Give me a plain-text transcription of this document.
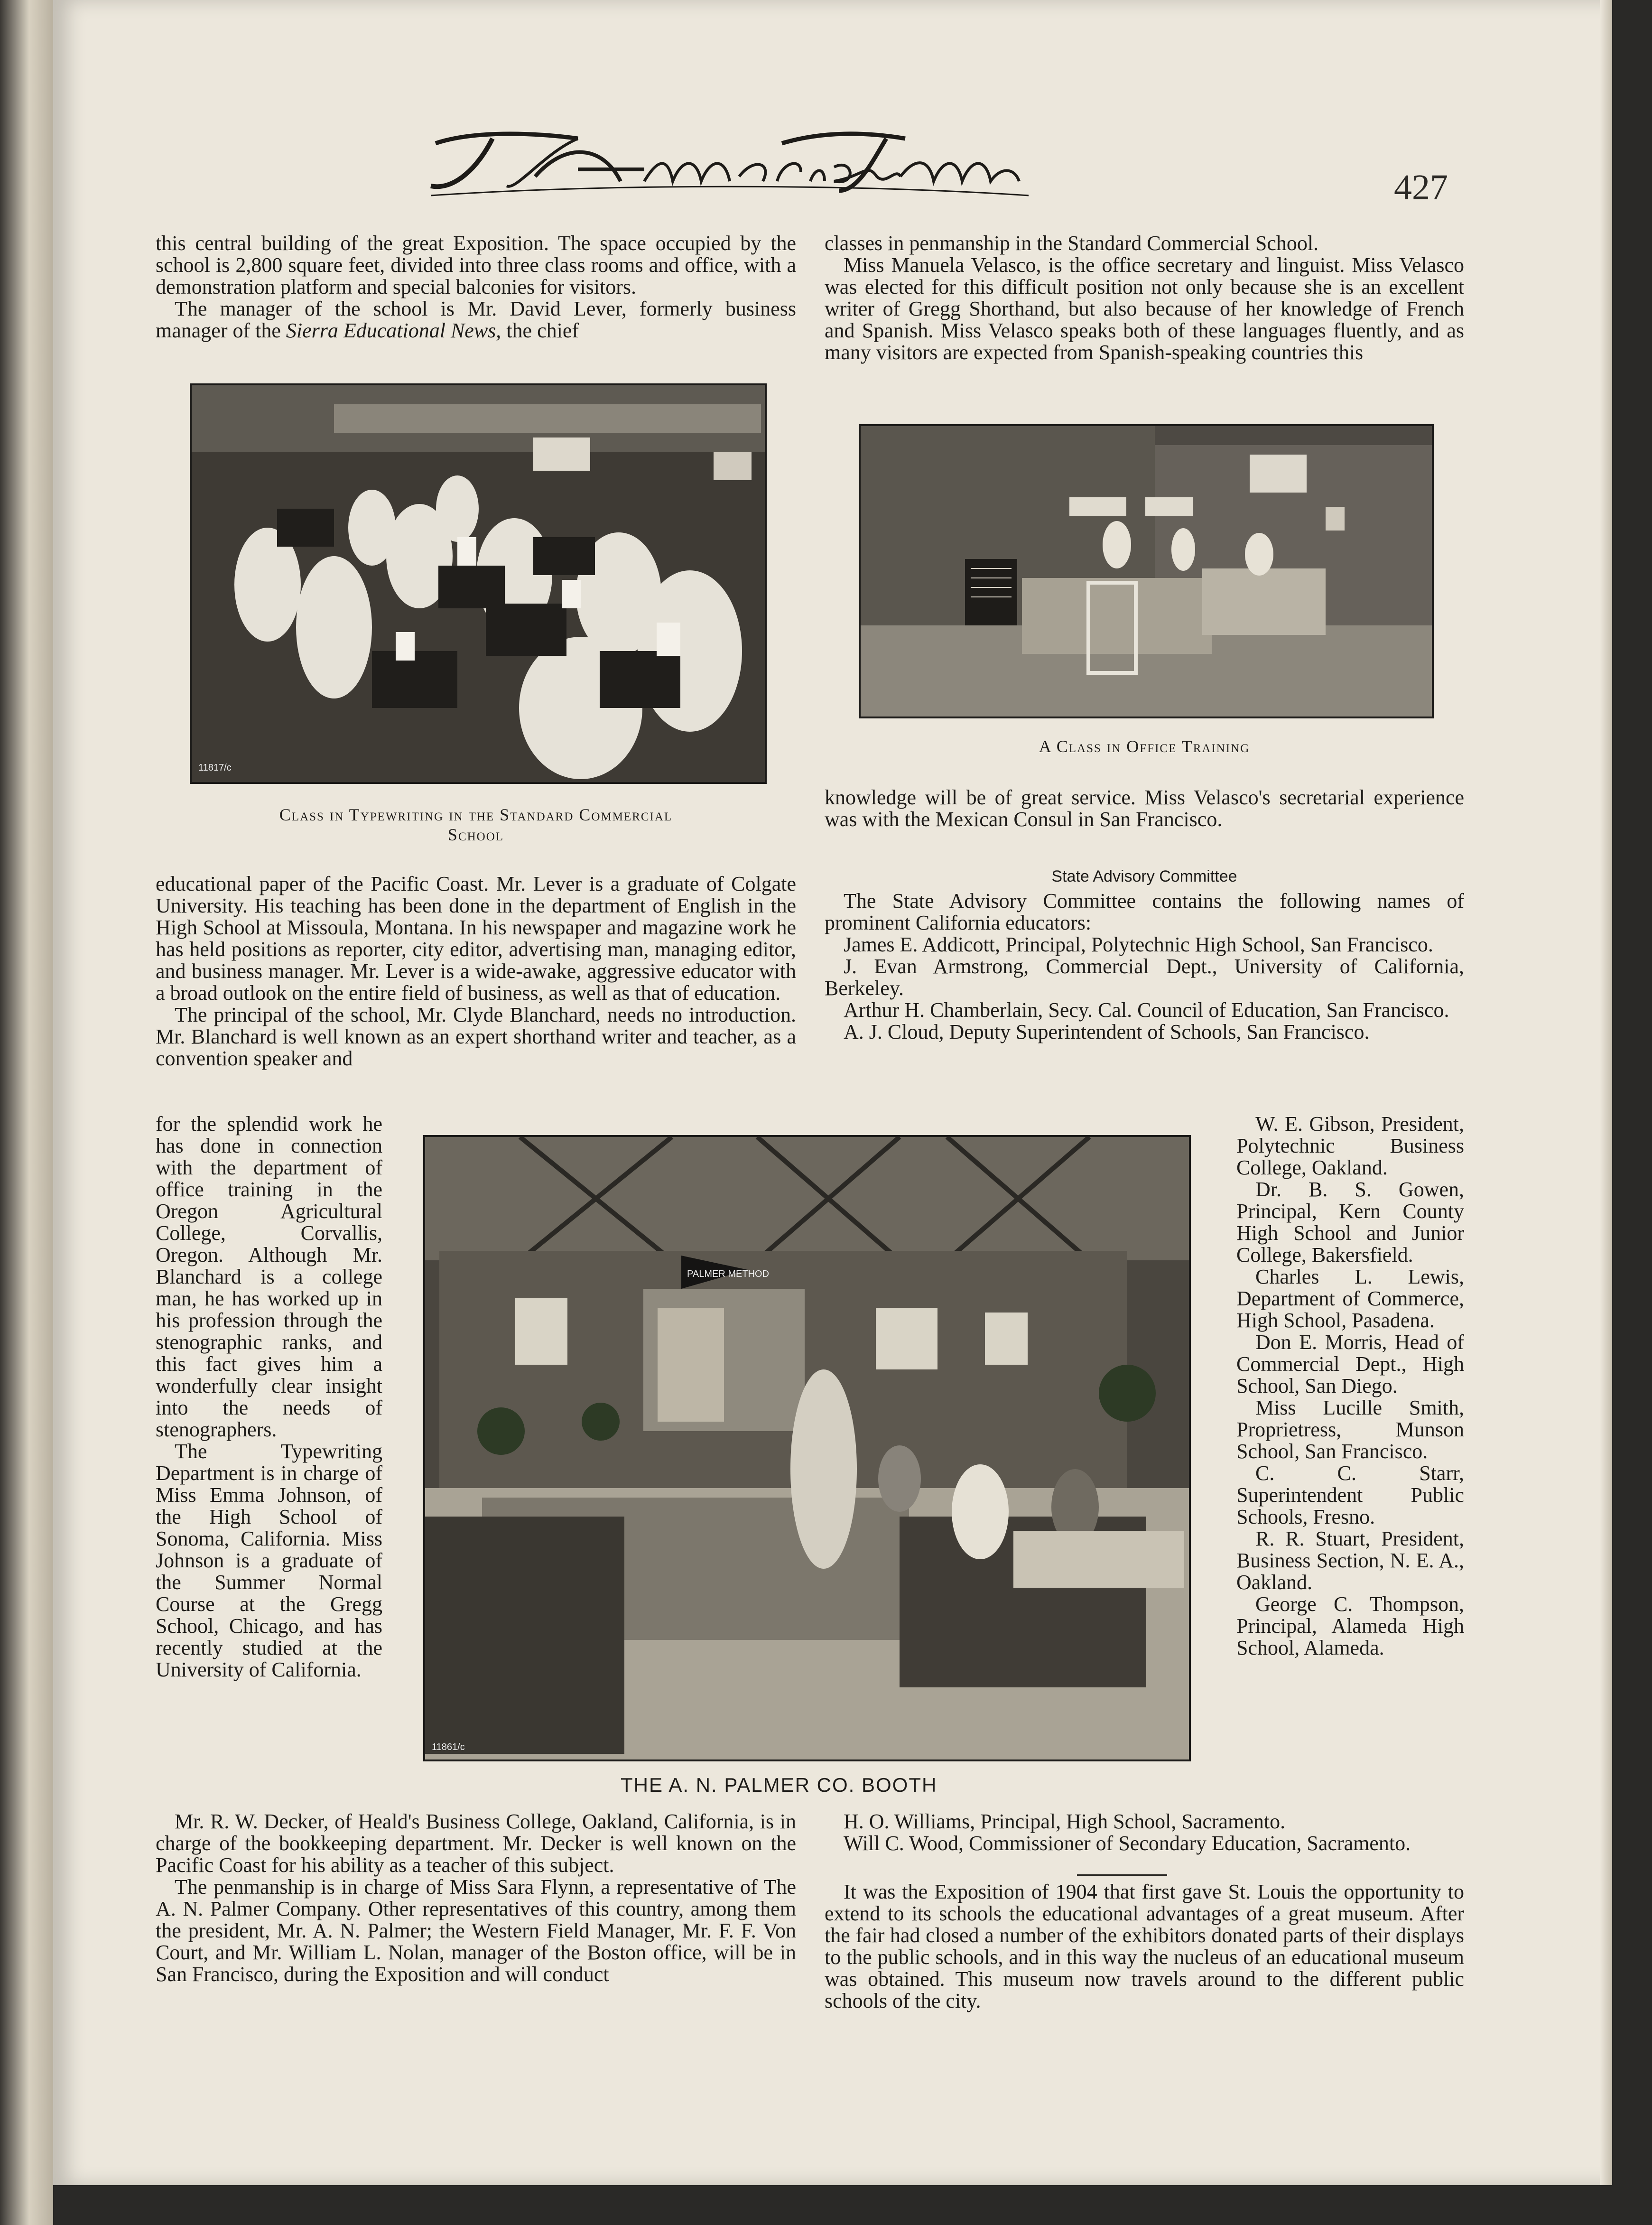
427

this central building of the great Exposition. The space occupied by the school is 2,800 square feet, divided into three class rooms and office, with a demonstration platform and special balconies for visitors.

The manager of the school is Mr. David Lever, formerly business manager of the Sierra Educational News, the chief

11817/c
Class in Typewriting in the Standard Commercial
School

educational paper of the Pacific Coast. Mr. Lever is a graduate of Colgate University. His teaching has been done in the department of English in the High School at Missoula, Montana. In his newspaper and magazine work he has held positions as reporter, city editor, advertising man, managing editor, and business manager. Mr. Lever is a wide-awake, aggressive educator with a broad outlook on the entire field of business, as well as that of education.

The principal of the school, Mr. Clyde Blanchard, needs no introduction. Mr. Blanchard is well known as an expert shorthand writer and teacher, as a convention speaker and

for the splendid work he has done in connection with the department of office training in the Oregon Agricultural College, Corvallis, Oregon. Although Mr. Blanchard is a college man, he has worked up in his profession through the stenographic ranks, and this fact gives him a wonderfully clear insight into the needs of stenographers.

The Typewriting Department is in charge of Miss Emma Johnson, of the High School of Sonoma, California. Miss Johnson is a graduate of the Summer Normal Course at the Gregg School, Chicago, and has recently studied at the University of California.

PALMER METHOD
11861/c
THE A. N. PALMER CO. BOOTH

Mr. R. W. Decker, of Heald's Business College, Oakland, California, is in charge of the bookkeeping department. Mr. Decker is well known on the Pacific Coast for his ability as a teacher of this subject.

The penmanship is in charge of Miss Sara Flynn, a representative of The A. N. Palmer Company. Other representatives of this country, among them the president, Mr. A. N. Palmer; the Western Field Manager, Mr. F. F. Von Court, and Mr. William L. Nolan, manager of the Boston office, will be in San Francisco, during the Exposition and will conduct

classes in penmanship in the Standard Commercial School.

Miss Manuela Velasco, is the office secretary and linguist. Miss Velasco was elected for this difficult position not only because she is an excellent writer of Gregg Shorthand, but also because of her knowledge of French and Spanish. Miss Velasco speaks both of these languages fluently, and as many visitors are expected from Spanish-speaking countries this

A Class in Office Training

knowledge will be of great service. Miss Velasco's secretarial experience was with the Mexican Consul in San Francisco.

State Advisory Committee

The State Advisory Committee contains the following names of prominent California educators:

James E. Addicott, Principal, Polytechnic High School, San Francisco.

J. Evan Armstrong, Commercial Dept., University of California, Berkeley.

Arthur H. Chamberlain, Secy. Cal. Council of Education, San Francisco.

A. J. Cloud, Deputy Superintendent of Schools, San Francisco.

W. E. Gibson, President, Polytechnic Business College, Oakland.

Dr. B. S. Gowen, Principal, Kern County High School and Junior College, Bakersfield.

Charles L. Lewis, Department of Commerce, High School, Pasadena.

Don E. Morris, Head of Commercial Dept., High School, San Diego.

Miss Lucille Smith, Proprietress, Munson School, San Francisco.

C. C. Starr, Superintendent Public Schools, Fresno.

R. R. Stuart, President, Business Section, N. E. A., Oakland.

George C. Thompson, Principal, Alameda High School, Alameda.

H. O. Williams, Principal, High School, Sacramento.

Will C. Wood, Commissioner of Secondary Education, Sacramento.

It was the Exposition of 1904 that first gave St. Louis the opportunity to extend to its schools the educational advantages of a great museum. After the fair had closed a number of the exhibitors donated parts of their displays to the public schools, and in this way the nucleus of an educational museum was obtained. This museum now travels around to the different public schools of the city.
